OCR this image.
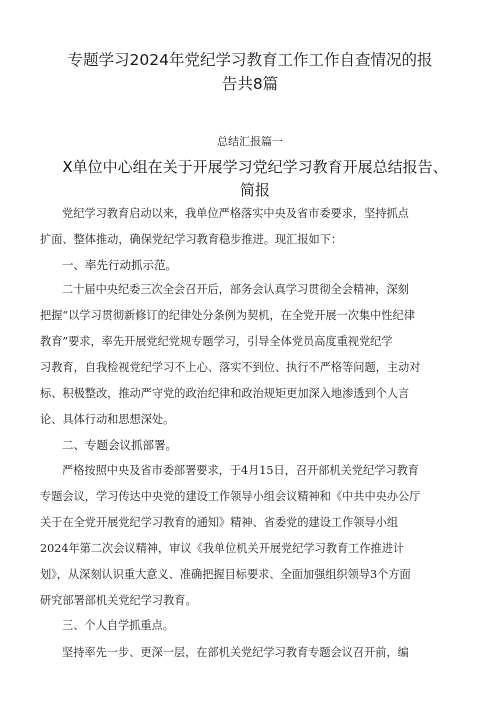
专题学习2024年党纪学习教育工作工作自查情况的报
告共8篇
总结汇报篇一
X单位中心组在关于开展学习党纪学习教育开展总结报告、
简报
党纪学习教育启动以来，我单位严格落实中央及省市委要求，坚持抓点
扩面、整体推动，确保党纪学习教育稳步推进。现汇报如下：
一、率先行动抓示范。
二十届中央纪委三次全会召开后，部务会认真学习贯彻全会精神，深刻
把握“以学习贯彻新修订的纪律处分条例为契机，在全党开展一次集中性纪律
教育”要求，率先开展党纪党规专题学习，引导全体党员高度重视党纪学
习教育，自我检视党纪学习不上心、落实不到位、执行不严格等问题，主动对
标、积极整改，推动严守党的政治纪律和政治规矩更加深入地渗透到个人言
论、具体行动和思想深处。
二、专题会议抓部署。
严格按照中央及省市委部署要求，于4月15日，召开部机关党纪学习教育
专题会议，学习传达中央党的建设工作领导小组会议精神和《中共中央办公厅
关于在全党开展党纪学习教育的通知》精神、省委党的建设工作领导小组
2024年第二次会议精神，审议《我单位机关开展党纪学习教育工作推进计
划》，从深刻认识重大意义、准确把握目标要求、全面加强组织领导3个方面
研究部署部机关党纪学习教育。
三、个人自学抓重点。
坚持率先一步、更深一层，在部机关党纪学习教育专题会议召开前，编
